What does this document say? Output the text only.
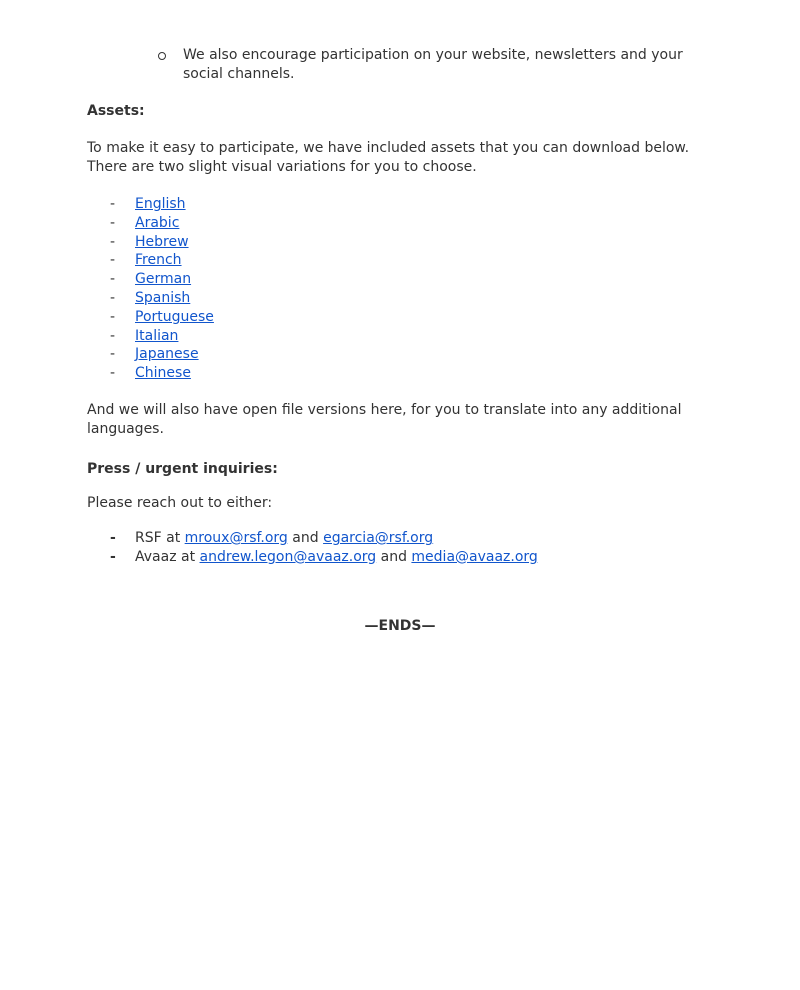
We also encourage participation on your website, newsletters and your social channels.
Assets:
To make it easy to participate, we have included assets that you can download below. There are two slight visual variations for you to choose.
-	English
-	Arabic
-	Hebrew
-	French
-	German
-	Spanish
-	Portuguese
-	Italian
-	Japanese
-	Chinese
And we will also have open file versions here, for you to translate into any additional languages.
Press / urgent inquiries:
Please reach out to either:
- RSF at mroux@rsf.org and egarcia@rsf.org
- Avaaz at andrew.legon@avaaz.org and media@avaaz.org
—ENDS—
